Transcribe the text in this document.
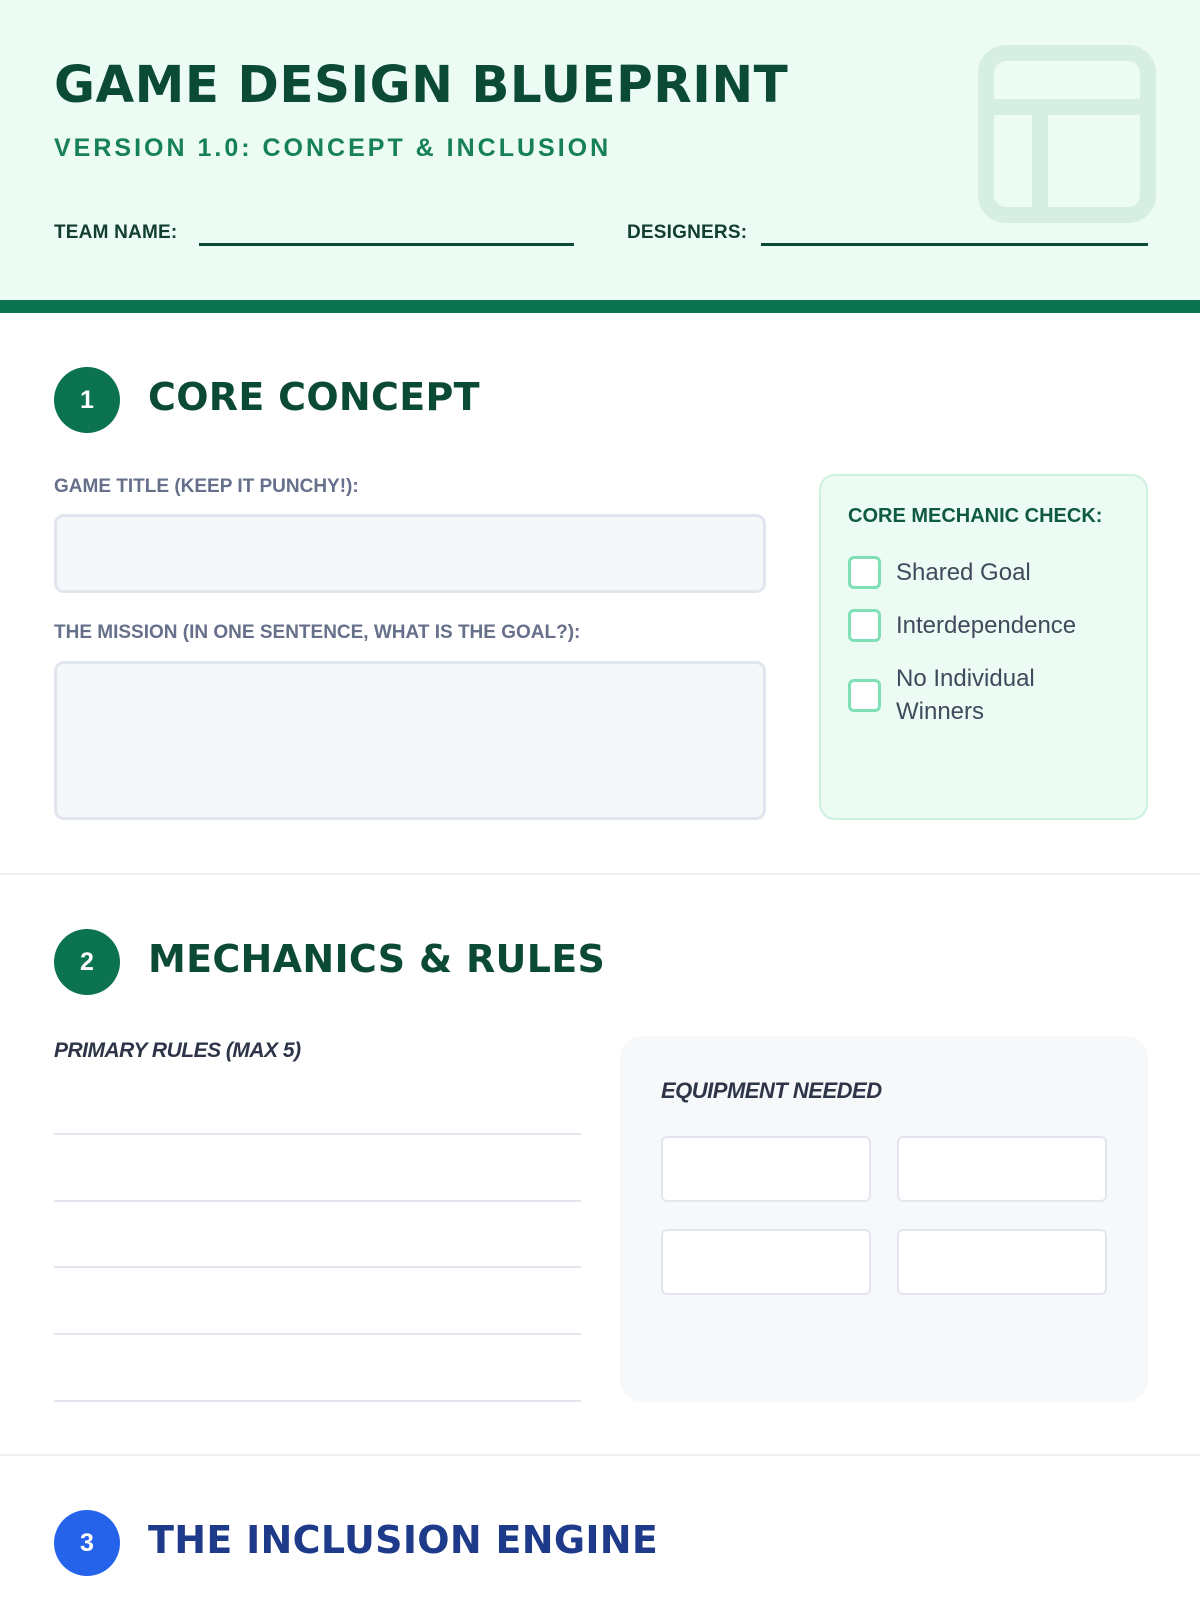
GAME DESIGN BLUEPRINT
VERSION 1.0: CONCEPT & INCLUSION
TEAM NAME:	DESIGNERS:
1	CORE CONCEPT
GAME TITLE (KEEP IT PUNCHY!):
THE MISSION (IN ONE SENTENCE, WHAT IS THE GOAL?):
CORE MECHANIC CHECK:
Shared Goal
Interdependence
No Individual Winners
2	MECHANICS & RULES
PRIMARY RULES (MAX 5)
EQUIPMENT NEEDED
3	THE INCLUSION ENGINE
